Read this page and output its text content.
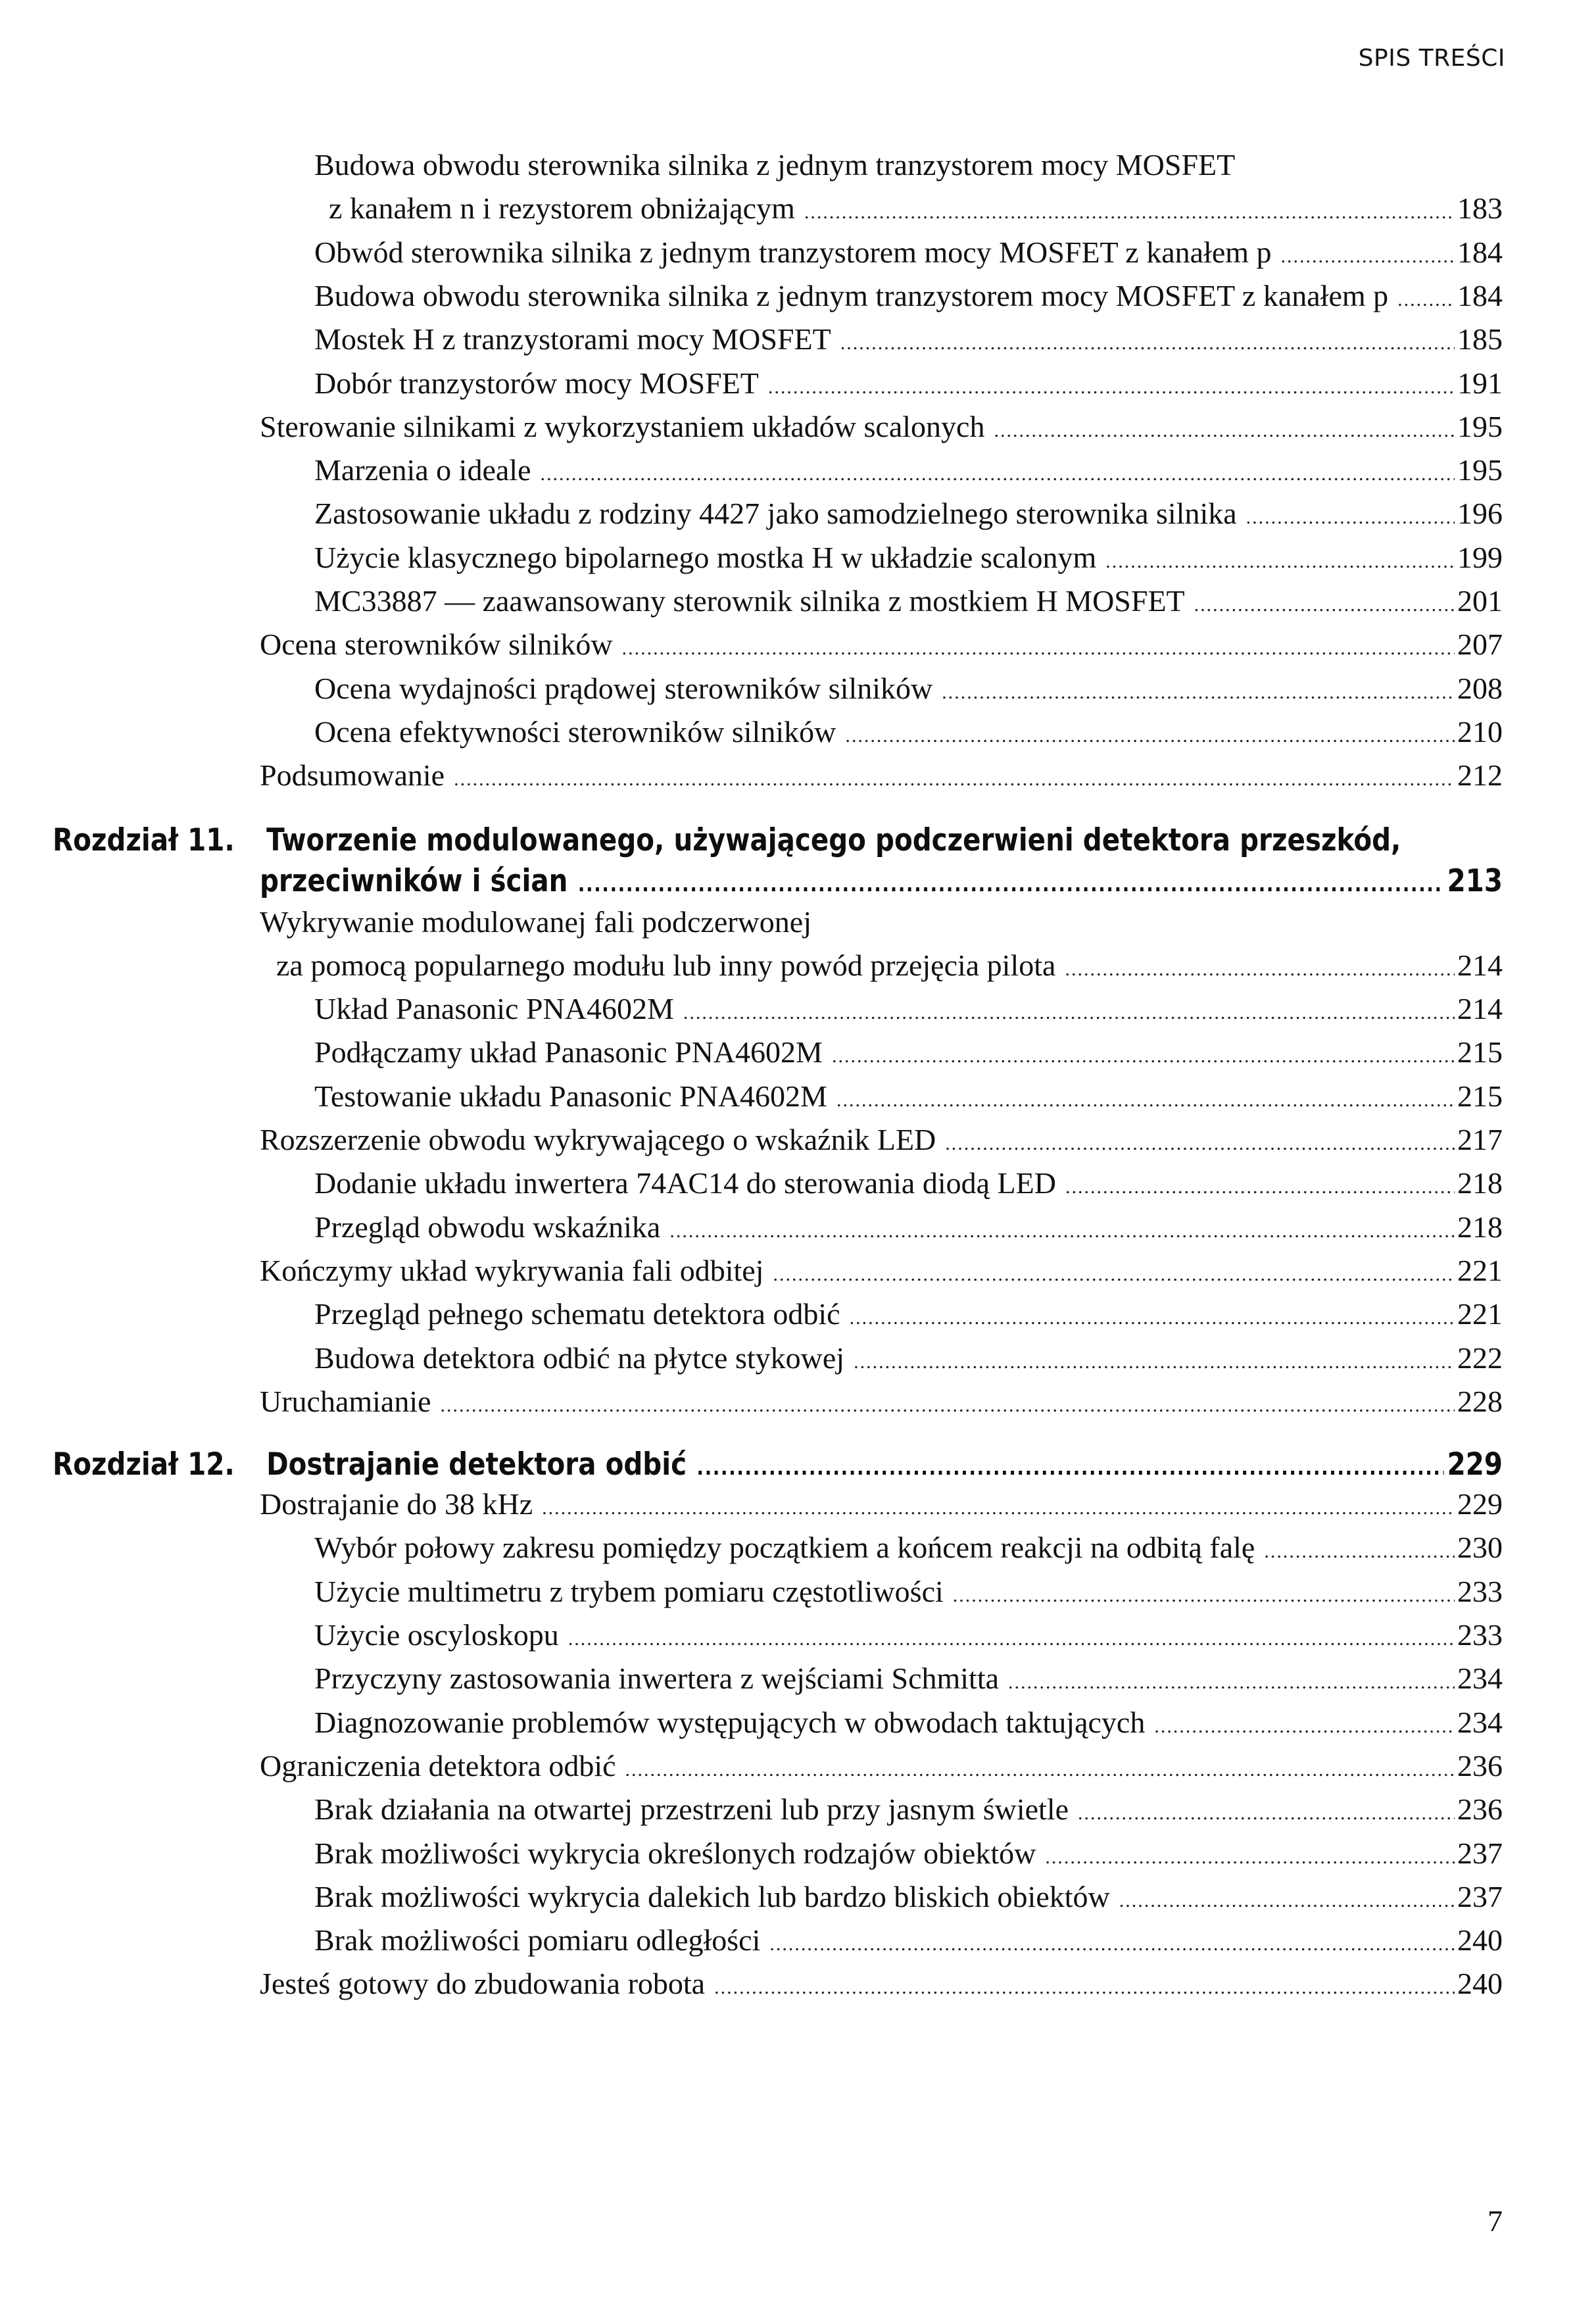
SPIS TREŚCI
Budowa obwodu sterownika silnika z jednym tranzystorem mocy MOSFET
z kanałem n i rezystorem obniżającym .....	183
Obwód sterownika silnika z jednym tranzystorem mocy MOSFET z kanałem p .....	184
Budowa obwodu sterownika silnika z jednym tranzystorem mocy MOSFET z kanałem p ..... 184
Mostek H z tranzystorami mocy MOSFET .....	185
Dobór tranzystorów mocy MOSFET .....	191
Sterowanie silnikami z wykorzystaniem układów scalonych .....	195
Marzenia o ideale .....	195
Zastosowanie układu z rodziny 4427 jako samodzielnego sterownika silnika .....	196
Użycie klasycznego bipolarnego mostka H w układzie scalonym .....	199
MC33887 — zaawansowany sterownik silnika z mostkiem H MOSFET .....	201
Ocena sterowników silników .....	207
Ocena wydajności prądowej sterowników silników .....	208
Ocena efektywności sterowników silników .....	210
Podsumowanie .....	212
Rozdział 11.	Tworzenie modulowanego, używającego podczerwieni detektora przeszkód,
przeciwników i ścian .....	213
Wykrywanie modulowanej fali podczerwonej
za pomocą popularnego modułu lub inny powód przejęcia pilota .....	214
Układ Panasonic PNA4602M .....	214
Podłączamy układ Panasonic PNA4602M .....	215
Testowanie układu Panasonic PNA4602M .....	215
Rozszerzenie obwodu wykrywającego o wskaźnik LED .....	217
Dodanie układu inwertera 74AC14 do sterowania diodą LED .....	218
Przegląd obwodu wskaźnika .....	218
Kończymy układ wykrywania fali odbitej .....	221
Przegląd pełnego schematu detektora odbić .....	221
Budowa detektora odbić na płytce stykowej .....	222
Uruchamianie .....	228
Rozdział 12.	Dostrajanie detektora odbić .....	229
Dostrajanie do 38 kHz .....	229
Wybór połowy zakresu pomiędzy początkiem a końcem reakcji na odbitą falę .....	230
Użycie multimetru z trybem pomiaru częstotliwości .....	233
Użycie oscyloskopu .....	233
Przyczyny zastosowania inwertera z wejściami Schmitta .....	234
Diagnozowanie problemów występujących w obwodach taktujących .....	234
Ograniczenia detektora odbić .....	236
Brak działania na otwartej przestrzeni lub przy jasnym świetle .....	236
Brak możliwości wykrycia określonych rodzajów obiektów .....	237
Brak możliwości wykrycia dalekich lub bardzo bliskich obiektów .....	237
Brak możliwości pomiaru odległości .....	240
Jesteś gotowy do zbudowania robota .....	240
7
